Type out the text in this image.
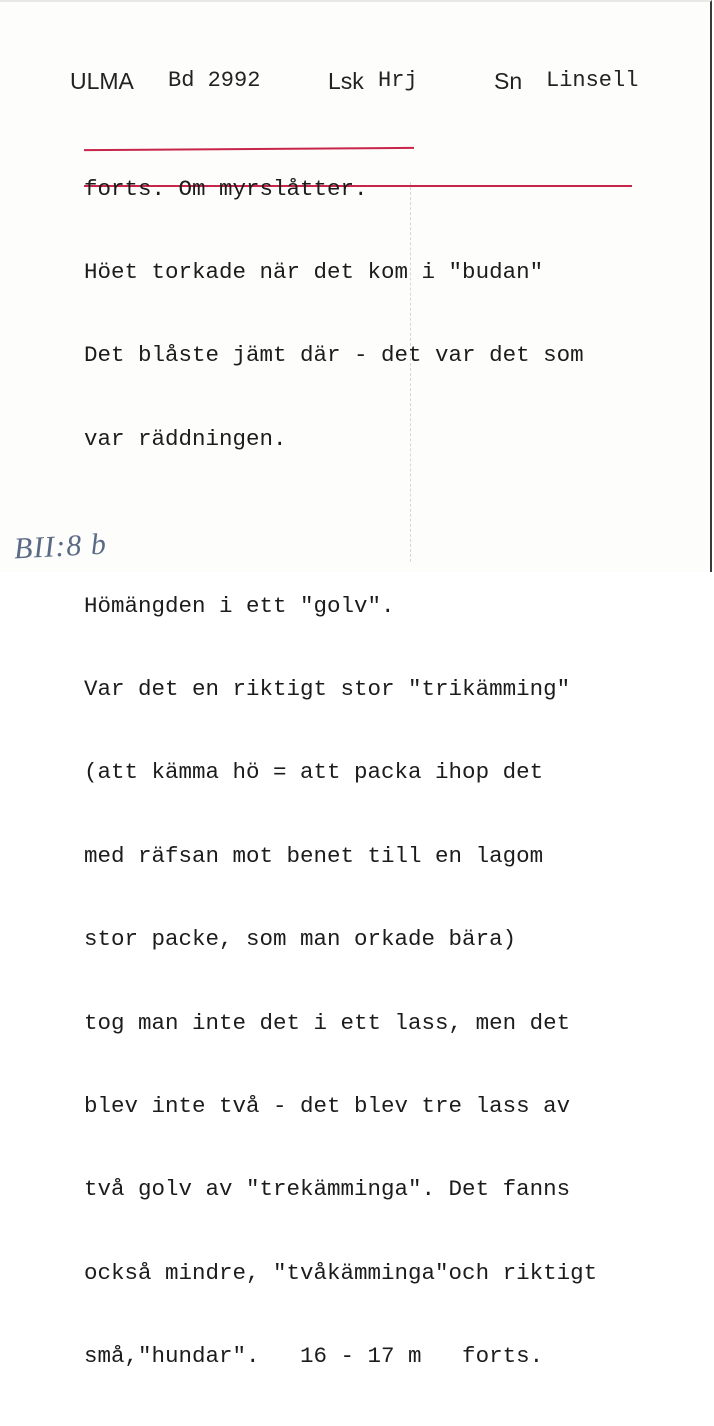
ULMA Bd 2992	Lsk Hrj	Sn Linsell

forts. Om myrslåtter.

Höet torkade när det kom i "budan"

Det blåste jämt där - det var det som

var räddningen.

Hömängden i ett "golv".

Var det en riktigt stor "trikämming"

(att kämma hö = att packa ihop det

med räfsan mot benet till en lagom

stor packe, som man orkade bära)

tog man inte det i ett lass, men det

blev inte två - det blev tre lass av

två golv av "trekämminga". Det fanns

också mindre, "tvåkämminga"och riktigt

små,"hundar".   16 - 17 m   forts.

BII:8 b
